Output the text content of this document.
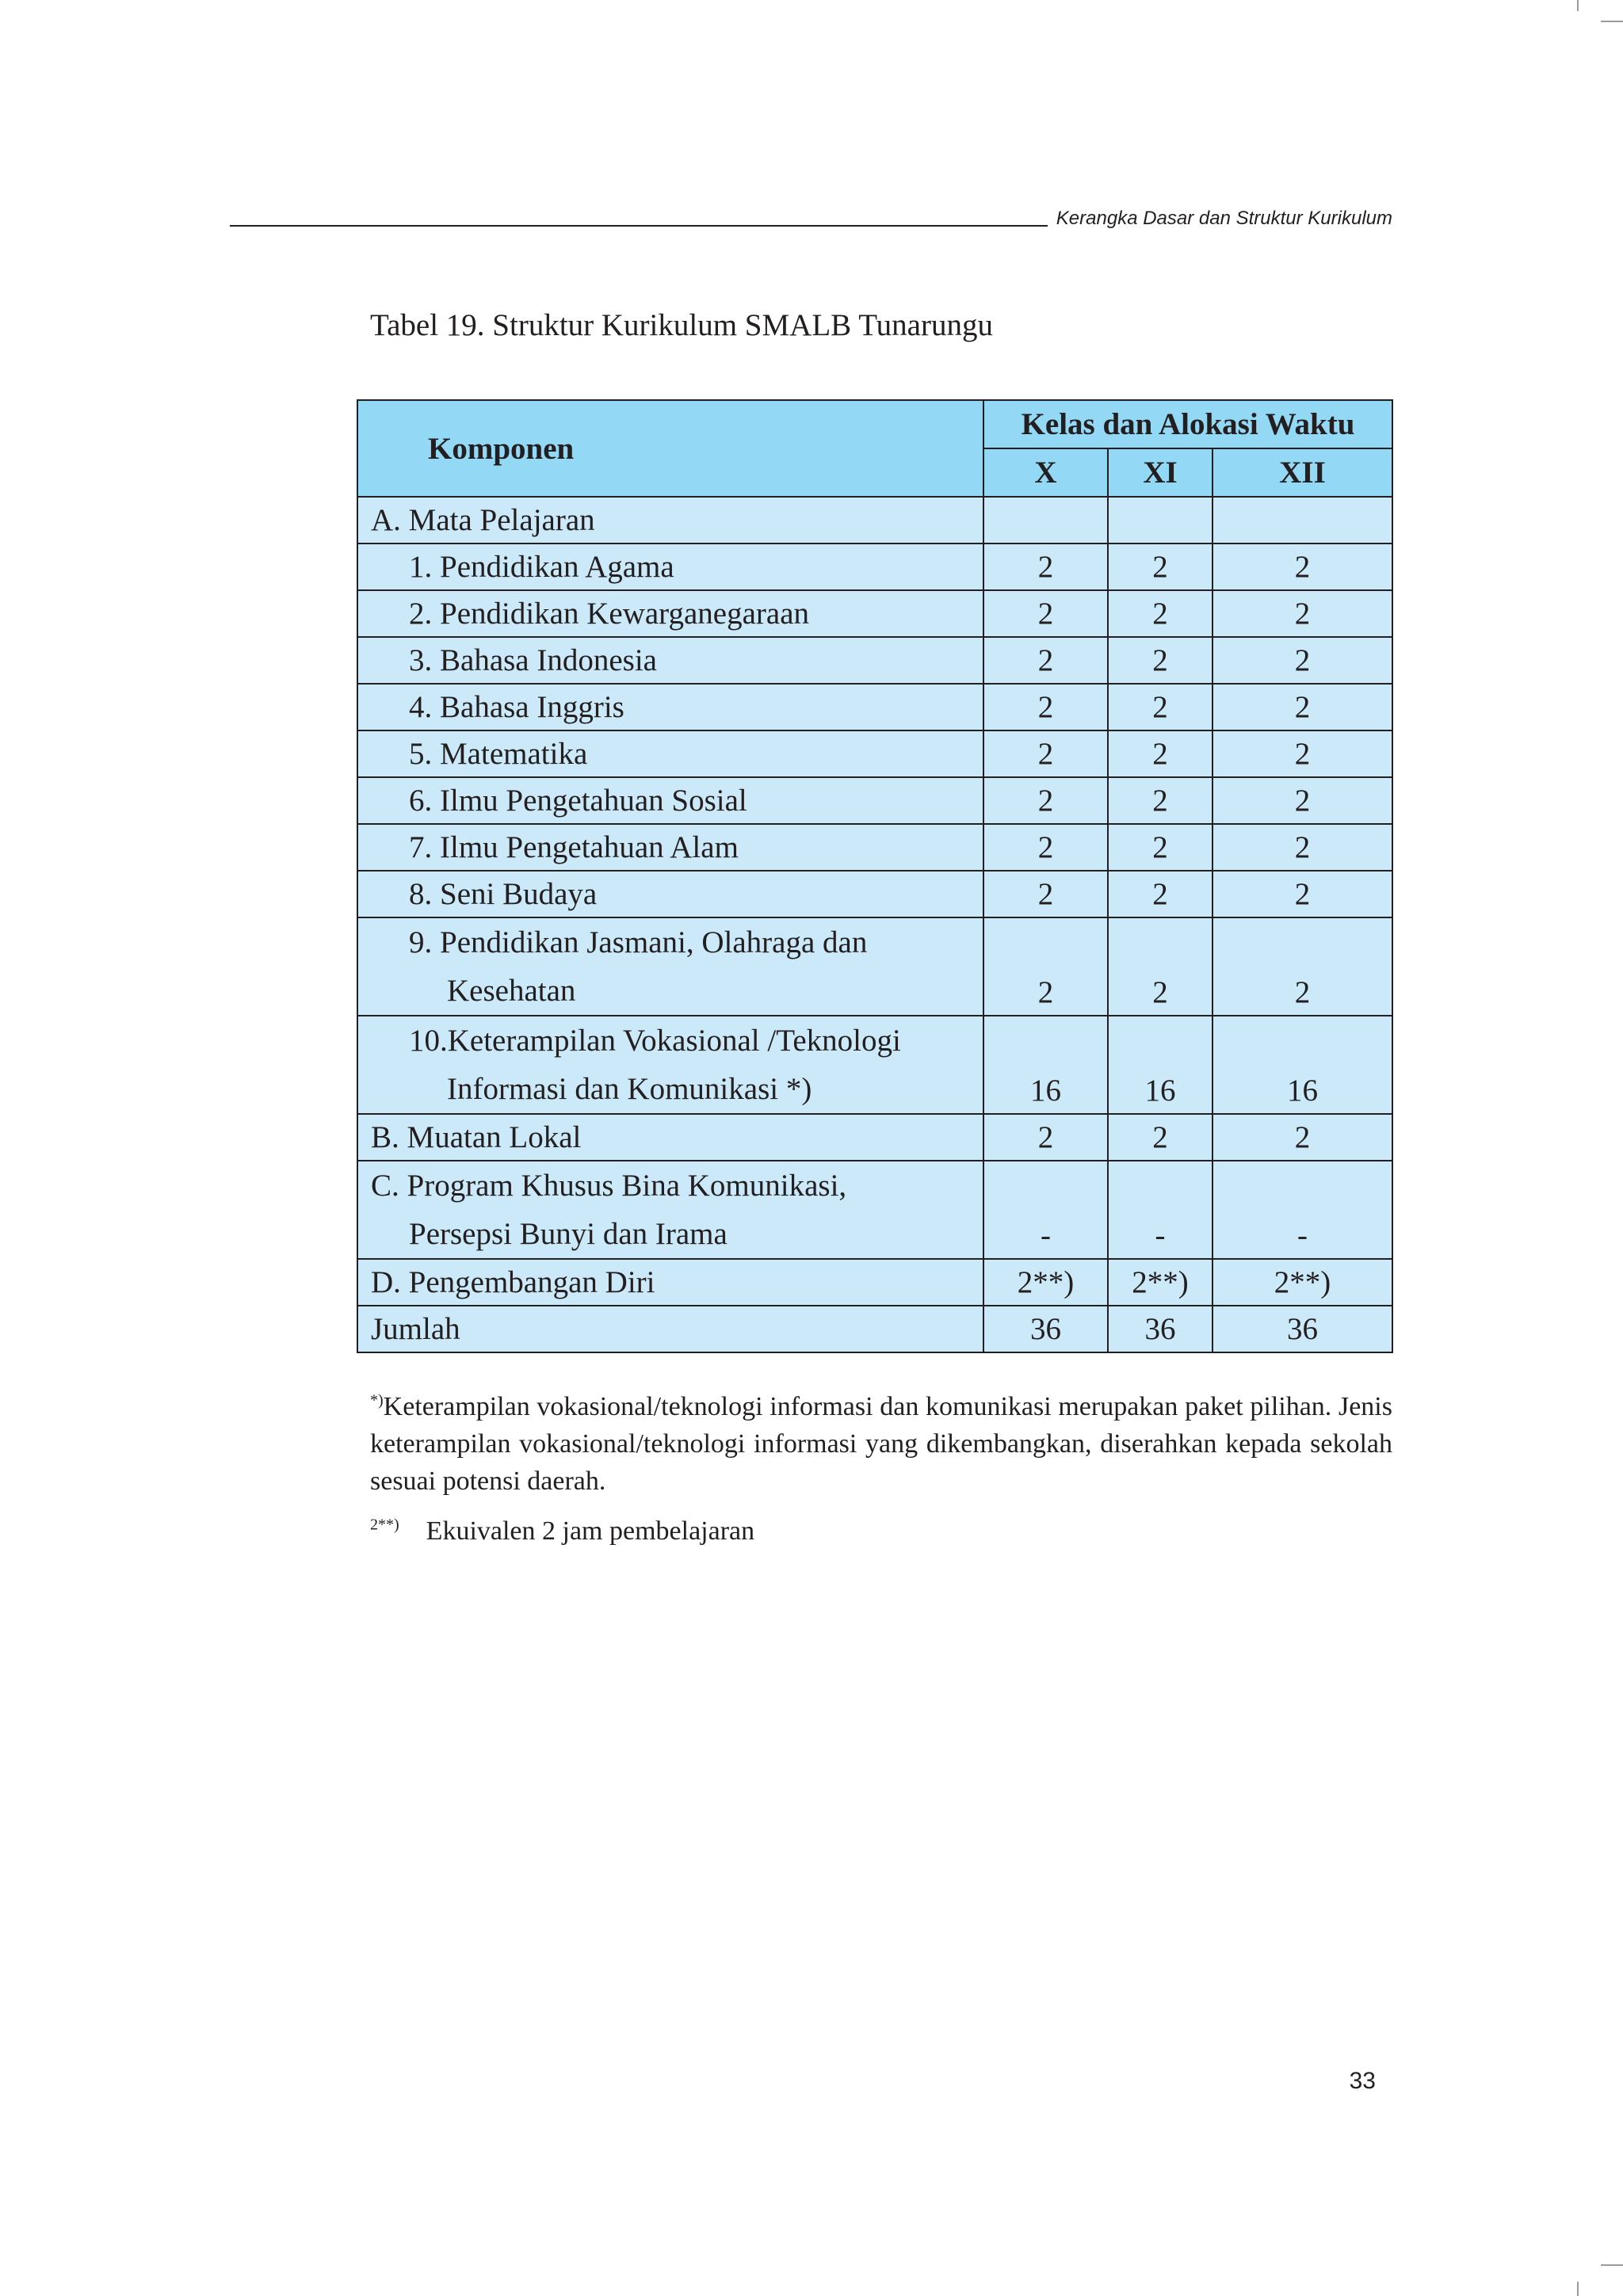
Kerangka Dasar dan Struktur Kurikulum
Tabel 19. Struktur Kurikulum SMALB Tunarungu
Komponen	Kelas dan Alokasi Waktu		
	X	XI	XII
A. Mata Pelajaran			
1. Pendidikan Agama	2	2	2
2. Pendidikan Kewarganegaraan	2	2	2
3. Bahasa Indonesia	2	2	2
4. Bahasa Inggris	2	2	2
5. Matematika	2	2	2
6. Ilmu Pengetahuan Sosial	2	2	2
7. Ilmu Pengetahuan Alam	2	2	2
8. Seni Budaya	2	2	2

9. Pendidikan Jasmani, Olahraga dan
Kesehatan	2	2	2

10.Keterampilan Vokasional /Teknologi
Informasi dan Komunikasi *)	16	16	16
B. Muatan Lokal	2	2	2

C. Program Khusus Bina Komunikasi,
Persepsi Bunyi dan Irama	-	-	-
D. Pengembangan Diri	2**)	2**)	2**)
Jumlah	36	36	36

*)Keterampilan vokasional/teknologi informasi dan komunikasi merupakan paket pilihan. Jenis keterampilan vokasional/teknologi informasi yang dikembangkan, diserahkan kepada sekolah sesuai potensi daerah.

$^{2**)}$ Ekuivalen 2 jam pembelajaran

33
